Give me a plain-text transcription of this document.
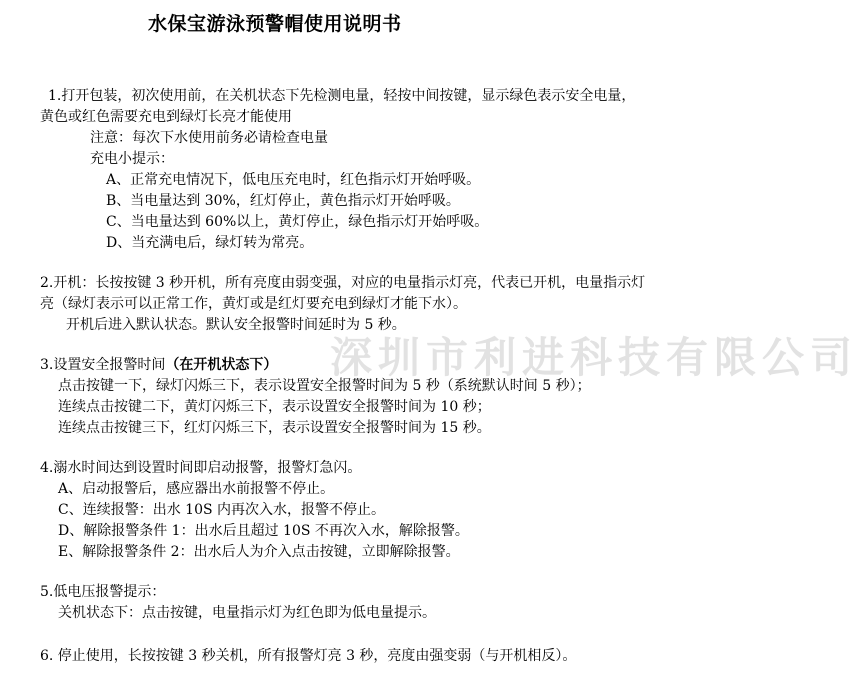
水保宝游泳预警帽使用说明书
深圳市利进科技有限公司
1.打开包装，初次使用前，在关机状态下先检测电量，轻按中间按键，显示绿色表示安全电量，
黄色或红色需要充电到绿灯长亮才能使用
注意：每次下水使用前务必请检查电量
充电小提示：
A、正常充电情况下，低电压充电时，红色指示灯开始呼吸。
B、当电量达到 30%，红灯停止，黄色指示灯开始呼吸。
C、当电量达到 60%以上，黄灯停止，绿色指示灯开始呼吸。
D、当充满电后，绿灯转为常亮。
2.开机：长按按键 3 秒开机，所有亮度由弱变强，对应的电量指示灯亮，代表已开机，电量指示灯
亮（绿灯表示可以正常工作，黄灯或是红灯要充电到绿灯才能下水）。
开机后进入默认状态。默认安全报警时间延时为 5 秒。
3.设置安全报警时间（在开机状态下）
点击按键一下，绿灯闪烁三下，表示设置安全报警时间为 5 秒（系统默认时间 5 秒）；
连续点击按键二下，黄灯闪烁三下，表示设置安全报警时间为 10 秒；
连续点击按键三下，红灯闪烁三下，表示设置安全报警时间为 15 秒。
4.溺水时间达到设置时间即启动报警，报警灯急闪。
A、启动报警后，感应器出水前报警不停止。
C、连续报警：出水 10S 内再次入水，报警不停止。
D、解除报警条件 1：出水后且超过 10S 不再次入水，解除报警。
E、解除报警条件 2：出水后人为介入点击按键，立即解除报警。
5.低电压报警提示：
关机状态下：点击按键，电量指示灯为红色即为低电量提示。
6. 停止使用，长按按键 3 秒关机，所有报警灯亮 3 秒，亮度由强变弱（与开机相反）。
